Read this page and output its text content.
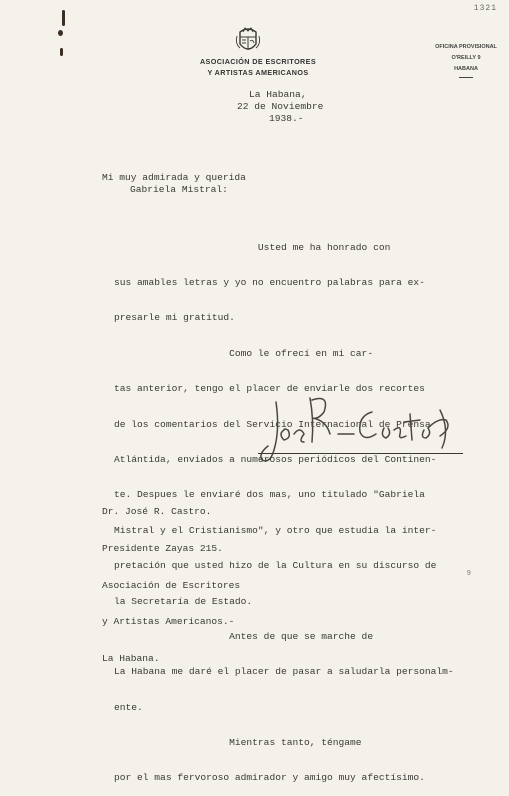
1321
ASOCIACIÓN DE ESCRITORES
Y ARTISTAS AMERICANOS
OFICINA PROVISIONAL
O'REILLY 9
HABANA
La Habana,
22 de Noviembre
1938.-
Mi muy admirada y querida
Gabriela Mistral:

Usted me ha honrado con

sus amables letras y yo no encuentro palabras para ex-

presarle mi gratitud.

Como le ofrecí en mi car-

tas anterior, tengo el placer de enviarle dos recortes

de los comentarios del Servicio Internacional de Prensa

Atlántida, enviados a numerosos periódicos del Continen-

te. Despues le enviaré dos mas, uno titulado "Gabriela

Mistral y el Cristianismo", y otro que estudia la inter-

pretación que usted hizo de la Cultura en su discurso de

la Secretaría de Estado.

Antes de que se marche de

La Habana me daré el placer de pasar a saludarla personalm-

ente.

Mientras tanto, téngame

por el mas fervoroso admirador y amigo muy afectísimo.

Dr. José R. Castro.

Presidente Zayas 215.

Asociación de Escritores

y Artistas Americanos.-

La Habana.

9
